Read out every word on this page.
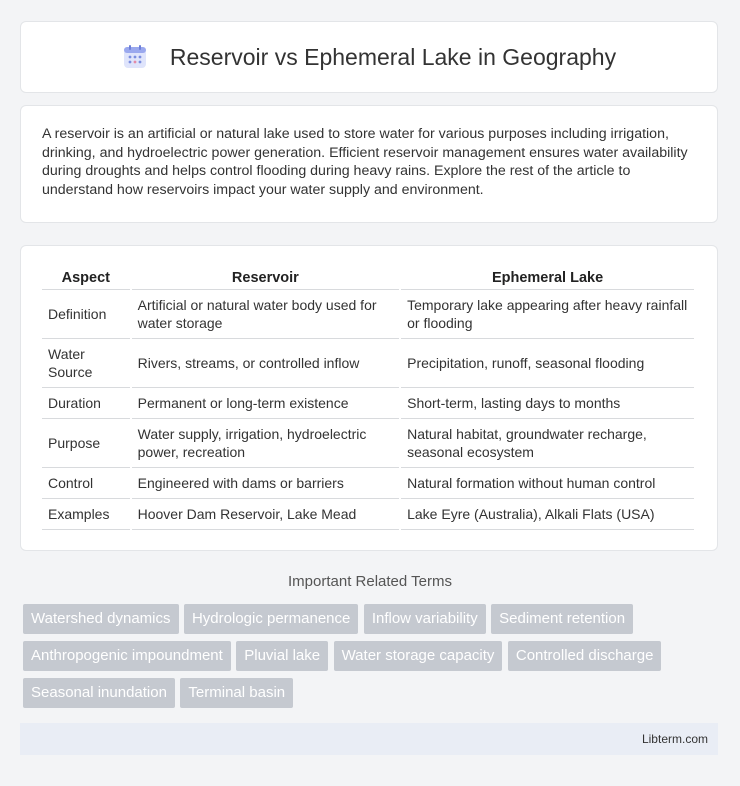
Reservoir vs Ephemeral Lake in Geography

A reservoir is an artificial or natural lake used to store water for various purposes including irrigation, drinking, and hydroelectric power generation. Efficient reservoir management ensures water availability during droughts and helps control flooding during heavy rains. Explore the rest of the article to understand how reservoirs impact your water supply and environment.

Aspect	Reservoir	Ephemeral Lake
Definition	Artificial or natural water body used for water storage	Temporary lake appearing after heavy rainfall or flooding
Water Source	Rivers, streams, or controlled inflow	Precipitation, runoff, seasonal flooding
Duration	Permanent or long-term existence	Short-term, lasting days to months
Purpose	Water supply, irrigation, hydroelectric power, recreation	Natural habitat, groundwater recharge, seasonal ecosystem
Control	Engineered with dams or barriers	Natural formation without human control
Examples	Hoover Dam Reservoir, Lake Mead	Lake Eyre (Australia), Alkali Flats (USA)
Important Related Terms
Watershed dynamics Hydrologic permanence Inflow variability Sediment retention Anthropogenic impoundment Pluvial lake Water storage capacity Controlled discharge Seasonal inundation Terminal basin
Libterm.com
